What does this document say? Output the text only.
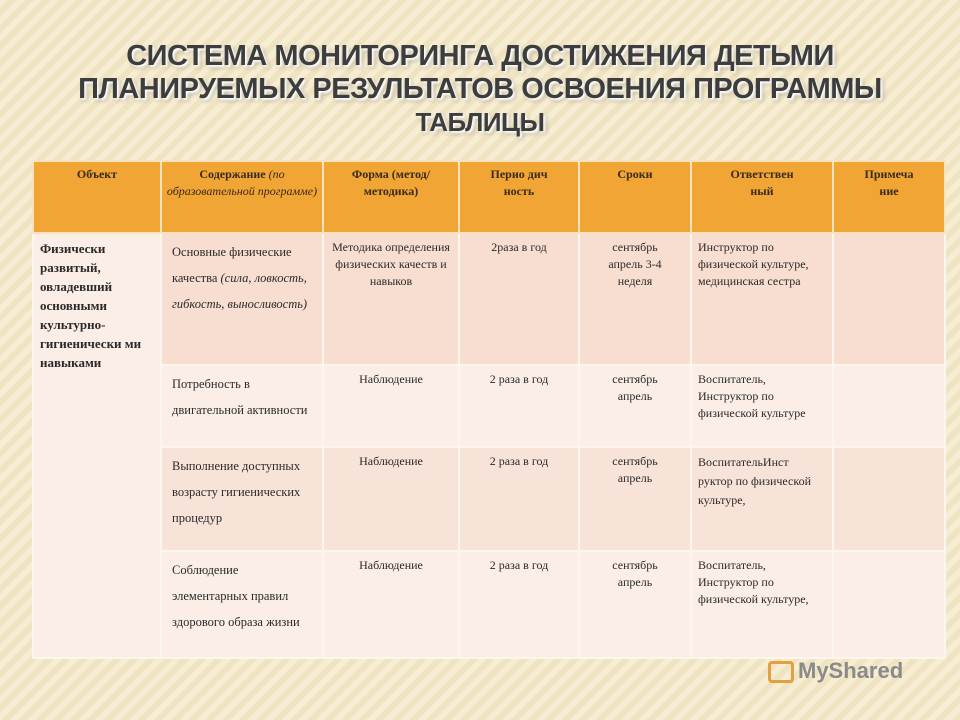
СИСТЕМА МОНИТОРИНГА ДОСТИЖЕНИЯ ДЕТЬМИ
ПЛАНИРУЕМЫХ РЕЗУЛЬТАТОВ ОСВОЕНИЯ ПРОГРАММЫ
ТАБЛИЦЫ
Объект	Содержание (по образовательной программе)	Форма (метод/ методика)	Перио дич ность	Сроки	Ответствен ный	Примеча ние
Физически развитый, овладевший основными культурно-гигиенически ми навыками	Основные физические качества (сила, ловкость, гибкость, выносливость)	Методика определения физических качеств и навыков	2раза в год	сентябрь апрель 3-4 неделя	Инструктор по физической культуре, медицинская сестра	
	Потребность в двигательной активности	Наблюдение	2 раза в год	сентябрь апрель	Воспитатель, Инструктор по физической культуре	
	Выполнение доступных возрасту гигиенических процедур	Наблюдение	2 раза в год	сентябрь апрель	ВоспитательИнст руктор по физической культуре,	
	Соблюдение элементарных правил здорового образа жизни	Наблюдение	2 раза в год	сентябрь апрель	Воспитатель, Инструктор по физической культуре,	
MyShared
